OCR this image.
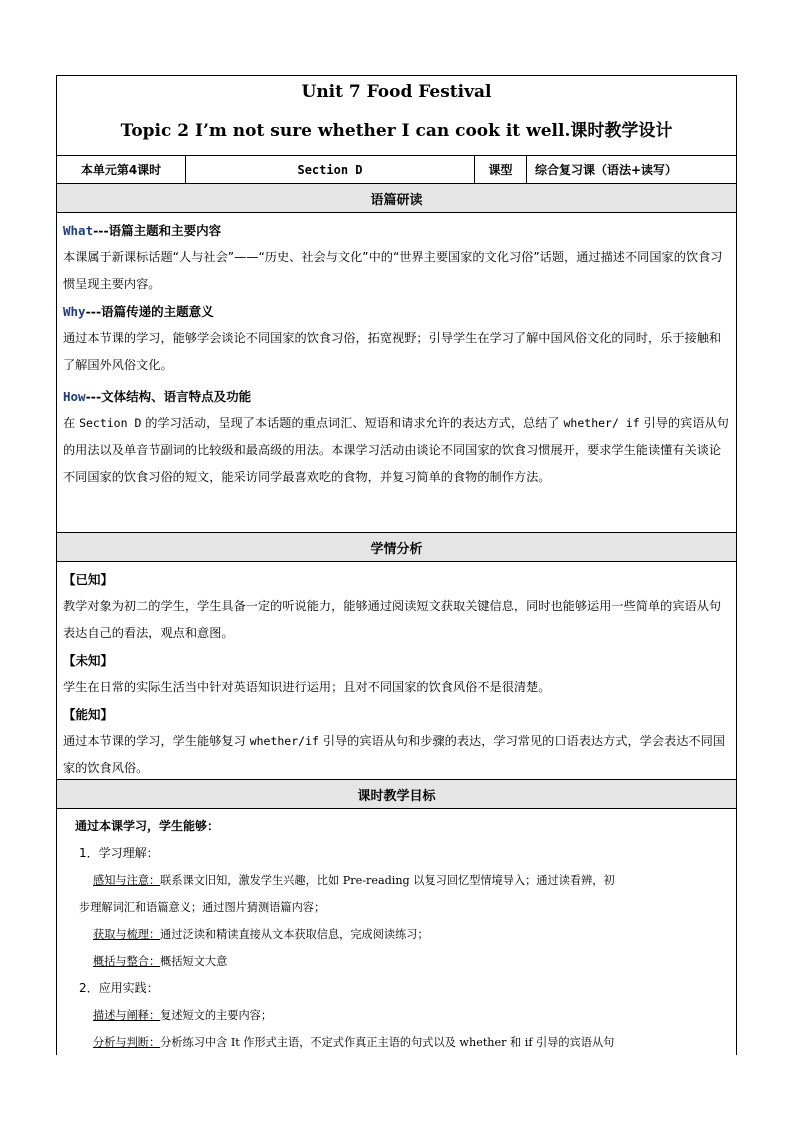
Unit 7 Food Festival
Topic 2 I’m not sure whether I can cook it well.课时教学设计
本单元第4课时	Section D	课型	综合复习课（语法+读写）
语篇研读

What---语篇主题和主要内容

本课属于新课标话题“人与社会”——“历史、社会与文化”中的“世界主要国家的文化习俗”话题，通过描述不同国家的饮食习惯呈现主要内容。

Why---语篇传递的主题意义

通过本节课的学习，能够学会谈论不同国家的饮食习俗，拓宽视野；引导学生在学习了解中国风俗文化的同时，乐于接触和了解国外风俗文化。

How---文体结构、语言特点及功能

在 Section D 的学习活动，呈现了本话题的重点词汇、短语和请求允许的表达方式，总结了 whether/ if 引导的宾语从句的用法以及单音节副词的比较级和最高级的用法。本课学习活动由谈论不同国家的饮食习惯展开，要求学生能读懂有关谈论不同国家的饮食习俗的短文，能采访同学最喜欢吃的食物，并复习简单的食物的制作方法。

学情分析

【已知】

教学对象为初二的学生，学生具备一定的听说能力，能够通过阅读短文获取关键信息，同时也能够运用一些简单的宾语从句表达自己的看法，观点和意图。

【未知】

学生在日常的实际生活当中针对英语知识进行运用；且对不同国家的饮食风俗不是很清楚。

【能知】

通过本节课的学习，学生能够复习 whether/if 引导的宾语从句和步骤的表达，学习常见的口语表达方式，学会表达不同国家的饮食风俗。

课时教学目标

通过本课学习，学生能够：

1．学习理解：

感知与注意：联系课文旧知，激发学生兴趣，比如 Pre-reading 以复习回忆型情境导入；通过读看辨，初

步理解词汇和语篇意义；通过图片猜测语篇内容；

获取与梳理：通过泛读和精读直接从文本获取信息，完成阅读练习；

概括与整合：概括短文大意

2．应用实践：

描述与阐释：复述短文的主要内容；

分析与判断：分析练习中含 It 作形式主语，不定式作真正主语的句式以及 whether 和 if 引导的宾语从句
